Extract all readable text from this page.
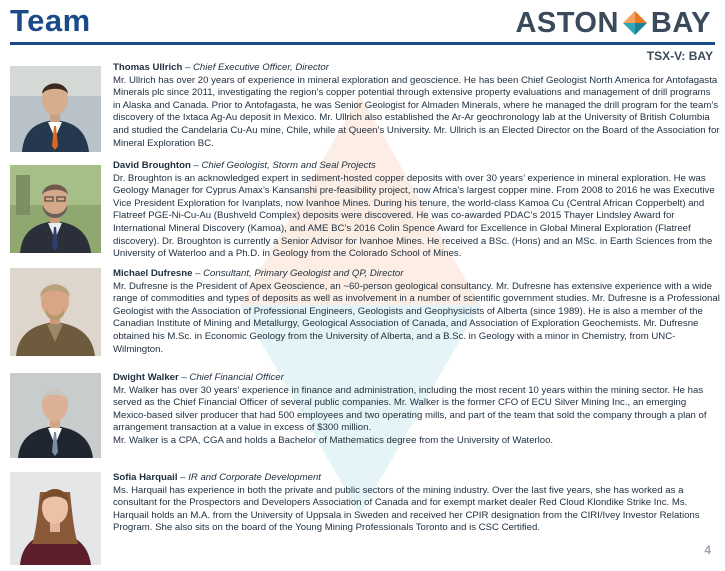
Team	ASTON BAY
TSX-V: BAY

Thomas Ullrich – Chief Executive Officer, Director

Mr. Ullrich has over 20 years of experience in mineral exploration and geoscience. He has been Chief Geologist North America for Antofagasta Minerals plc since 2011, investigating the region’s copper potential through extensive property evaluations and management of drill programs in Alaska and Canada. Prior to Antofagasta, he was Senior Geologist for Almaden Minerals, where he managed the drill program for the team’s discovery of the Ixtaca Ag-Au deposit in Mexico. Mr. Ullrich also established the Ar-Ar geochronology lab at the University of British Columbia and studied the Candelaria Cu-Au mine, Chile, while at Queen’s University. Mr. Ullrich is an Elected Director on the Board of the Association for Mineral Exploration BC.

David Broughton – Chief Geologist, Storm and Seal Projects

Dr. Broughton is an acknowledged expert in sediment-hosted copper deposits with over 30 years’ experience in mineral exploration. He was Geology Manager for Cyprus Amax’s Kansanshi pre-feasibility project, now Africa’s largest copper mine. From 2008 to 2016 he was Executive Vice President Exploration for Ivanplats, now Ivanhoe Mines. During his tenure, the world-class Kamoa Cu (Central African Copperbelt) and Flatreef PGE-Ni-Cu-Au (Bushveld Complex) deposits were discovered. He was co-awarded PDAC’s 2015 Thayer Lindsley Award for International Mineral Discovery (Kamoa), and AME BC’s 2016 Colin Spence Award for Excellence in Global Mineral Exploration (Flatreef discovery). Dr. Broughton is currently a Senior Advisor for Ivanhoe Mines. He received a BSc. (Hons) and an MSc. in Earth Sciences from the University of Waterloo and a Ph.D. in Geology from the Colorado School of Mines.

Michael Dufresne – Consultant, Primary Geologist and QP, Director

Mr. Dufresne is the President of Apex Geoscience, an ~60-person geological consultancy. Mr. Dufresne has extensive experience with a wide range of commodities and types of deposits as well as involvement in a number of scientific government studies. Mr. Dufresne is a Professional Geologist with the Association of Professional Engineers, Geologists and Geophysicists of Alberta (since 1989). He is also a member of the Canadian Institute of Mining and Metallurgy, Geological Association of Canada, and Association of Exploration Geochemists. Mr. Dufresne obtained his M.Sc. in Economic Geology from the University of Alberta, and a B.Sc. in Geology with a minor in Chemistry, from UNC-Wilmington.

Dwight Walker – Chief Financial Officer

Mr. Walker has over 30 years’ experience in finance and administration, including the most recent 10 years within the mining sector. He has served as the Chief Financial Officer of several public companies. Mr. Walker is the former CFO of ECU Silver Mining Inc., an emerging Mexico-based silver producer that had 500 employees and two operating mills, and part of the team that sold the company through a plan of arrangement transaction at a value in excess of $300 million.

Mr. Walker is a CPA, CGA and holds a Bachelor of Mathematics degree from the University of Waterloo.

Sofia Harquail – IR and Corporate Development

Ms. Harquail has experience in both the private and public sectors of the mining industry. Over the last five years, she has worked as a consultant for the Prospectors and Developers Association of Canada and for exempt market dealer Red Cloud Klondike Strike Inc. Ms. Harquail holds an M.A. from the University of Uppsala in Sweden and received her CPIR designation from the CIRI/Ivey Investor Relations Program. She also sits on the board of the Young Mining Professionals Toronto and is CSC Certified.

4
